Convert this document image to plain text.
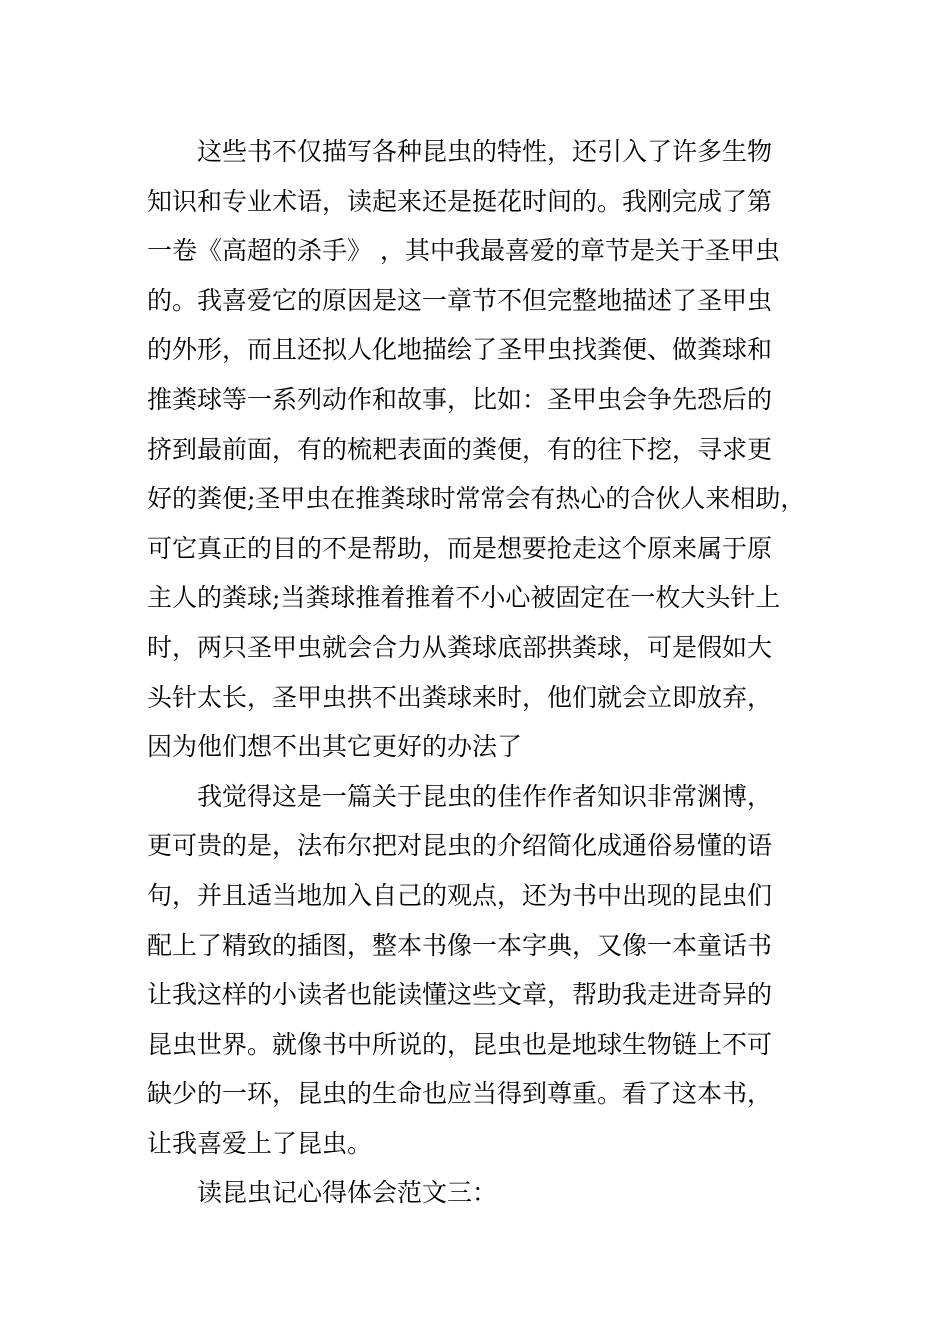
这些书不仅描写各种昆虫的特性，还引入了许多生物
知识和专业术语，读起来还是挺花时间的。我刚完成了第
一卷《高超的杀手》 ，其中我最喜爱的章节是关于圣甲虫
的。我喜爱它的原因是这一章节不但完整地描述了圣甲虫
的外形，而且还拟人化地描绘了圣甲虫找粪便、做粪球和
推粪球等一系列动作和故事，比如：圣甲虫会争先恐后的
挤到最前面，有的梳耙表面的粪便，有的往下挖，寻求更
好的粪便;圣甲虫在推粪球时常常会有热心的合伙人来相助，
可它真正的目的不是帮助，而是想要抢走这个原来属于原
主人的粪球;当粪球推着推着不小心被固定在一枚大头针上
时，两只圣甲虫就会合力从粪球底部拱粪球，可是假如大
头针太长，圣甲虫拱不出粪球来时，他们就会立即放弃，
因为他们想不出其它更好的办法了
我觉得这是一篇关于昆虫的佳作作者知识非常渊博，
更可贵的是，法布尔把对昆虫的介绍简化成通俗易懂的语
句，并且适当地加入自己的观点，还为书中出现的昆虫们
配上了精致的插图，整本书像一本字典，又像一本童话书
让我这样的小读者也能读懂这些文章，帮助我走进奇异的
昆虫世界。就像书中所说的，昆虫也是地球生物链上不可
缺少的一环，昆虫的生命也应当得到尊重。看了这本书，
让我喜爱上了昆虫。
读昆虫记心得体会范文三：
